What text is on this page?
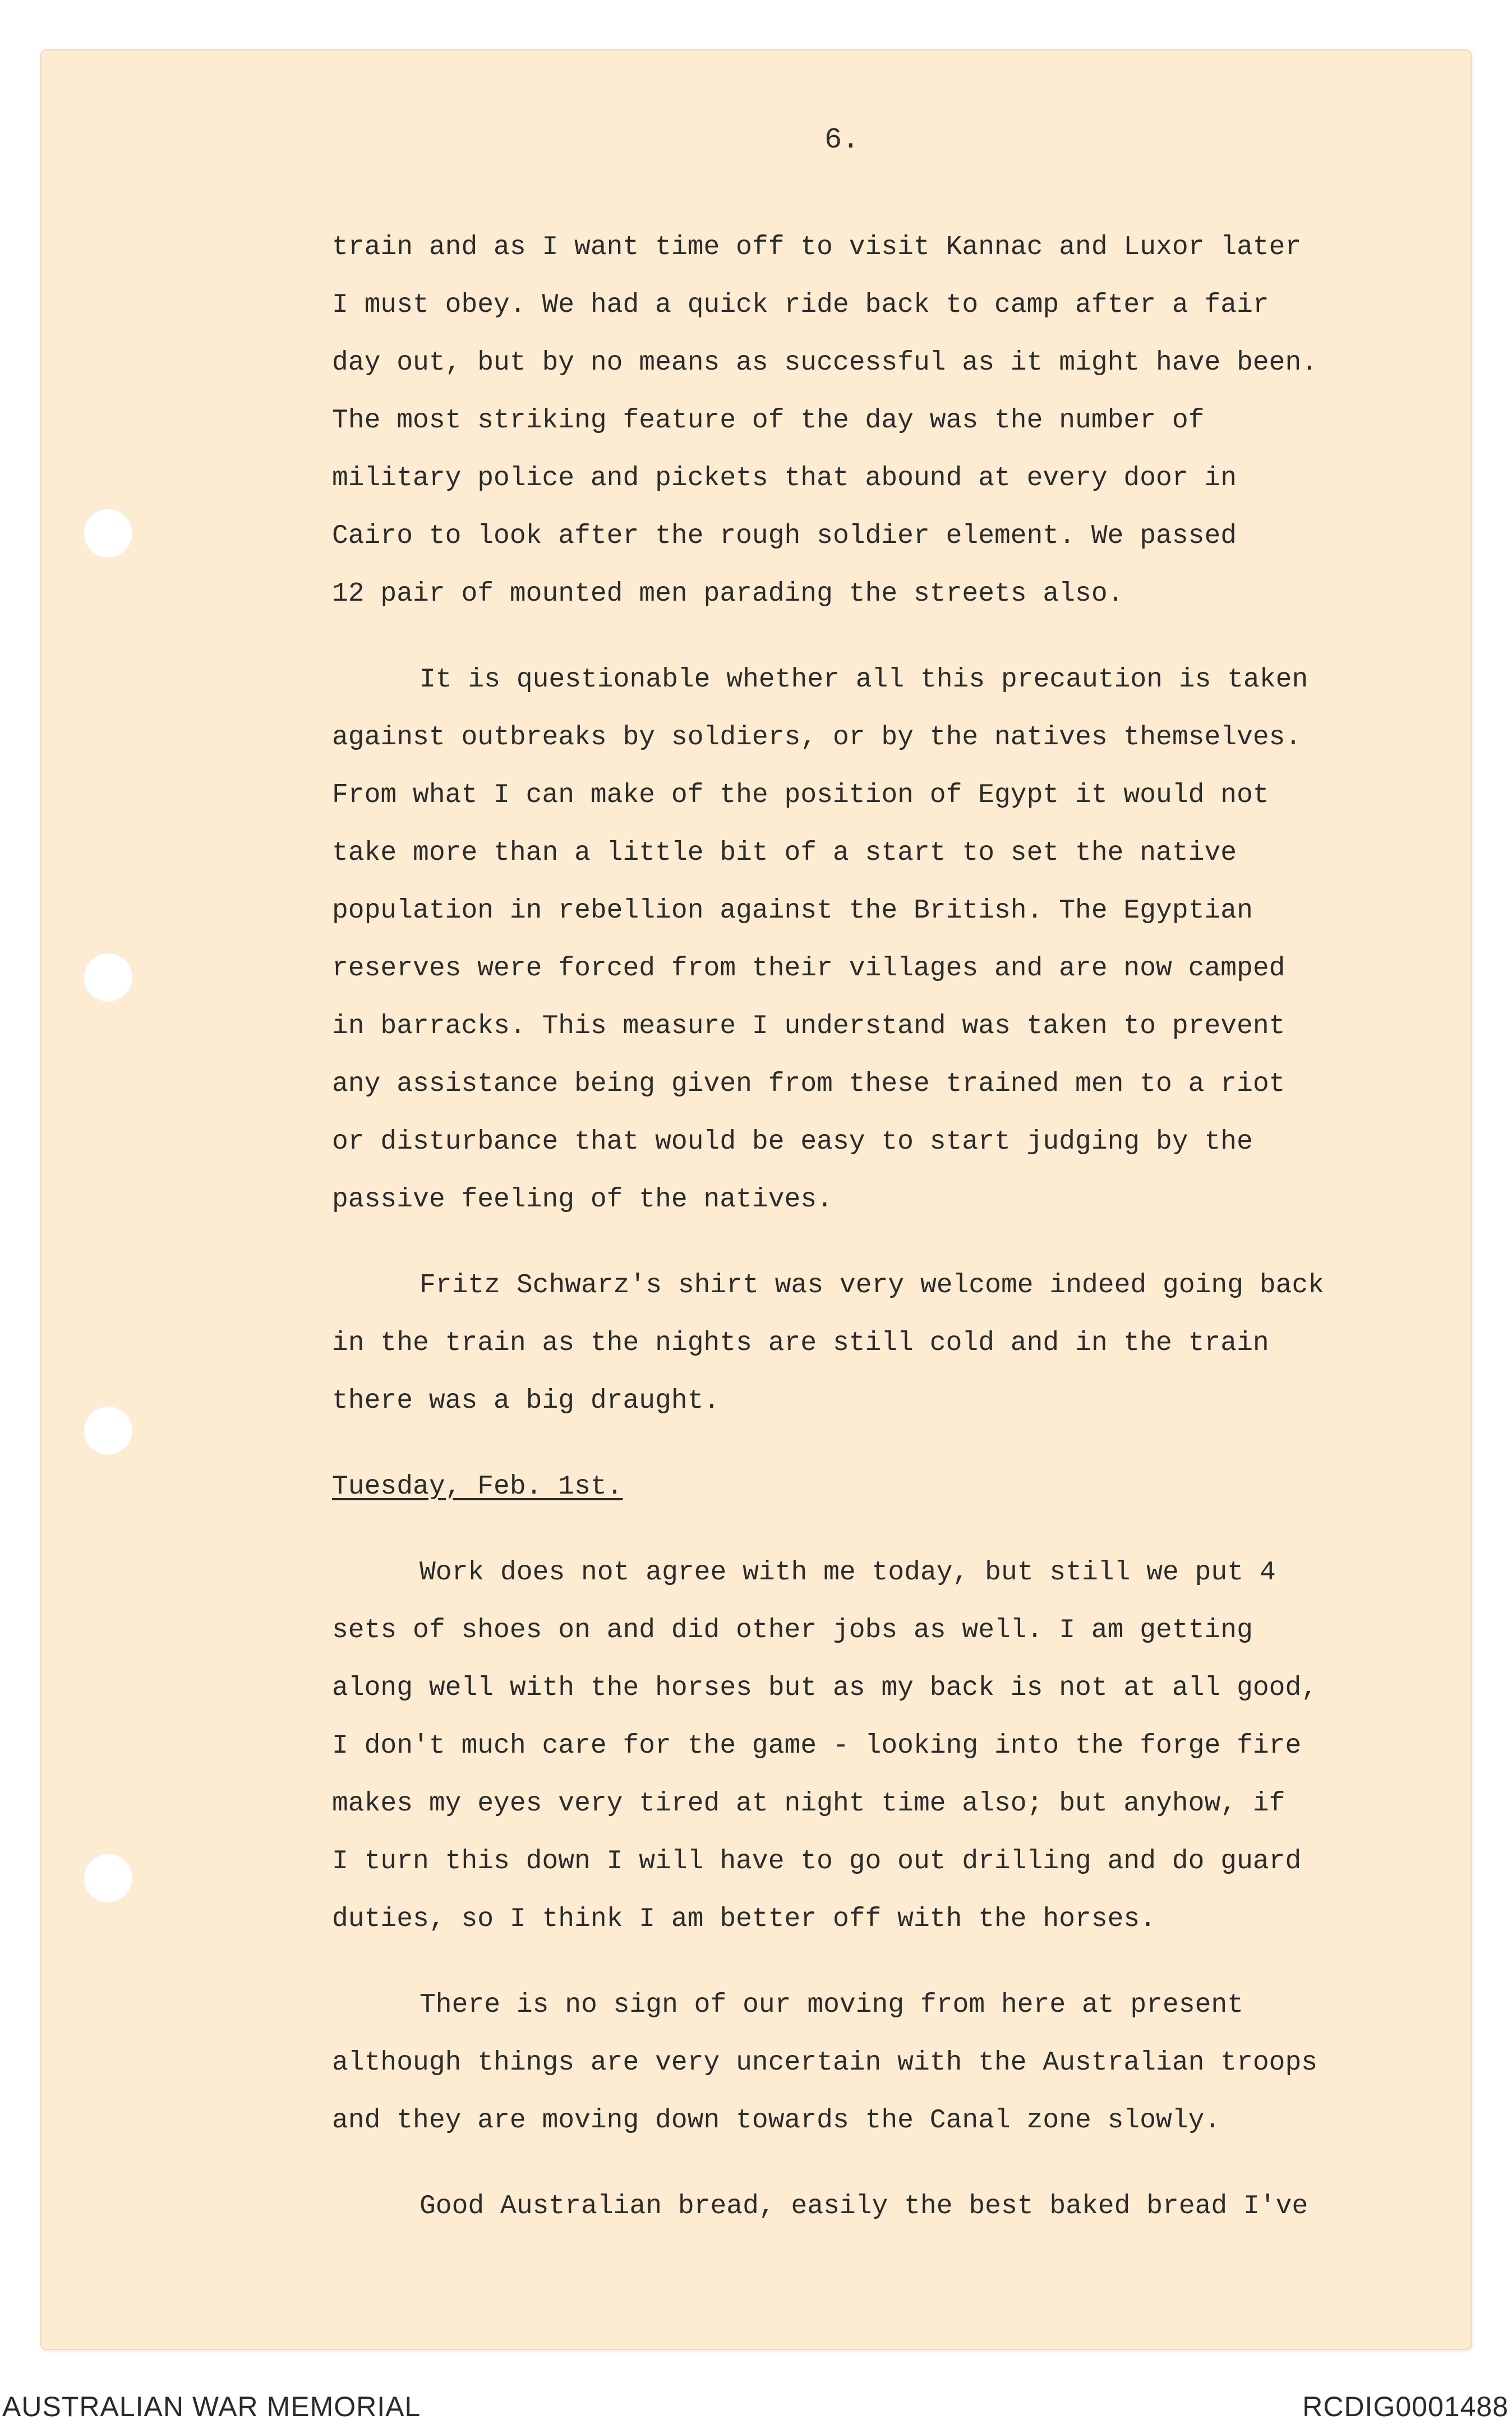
6.

train and as I want time off to visit Kannac and Luxor later
I must obey. We had a quick ride back to camp after a fair
day out, but by no means as successful as it might have been.
The most striking feature of the day was the number of
military police and pickets that abound at every door in
Cairo to look after the rough soldier element. We passed
12 pair of mounted men parading the streets also.

It is questionable whether all this precaution is taken
against outbreaks by soldiers, or by the natives themselves.
From what I can make of the position of Egypt it would not
take more than a little bit of a start to set the native
population in rebellion against the British. The Egyptian
reserves were forced from their villages and are now camped
in barracks. This measure I understand was taken to prevent
any assistance being given from these trained men to a riot
or disturbance that would be easy to start judging by the
passive feeling of the natives.

Fritz Schwarz's shirt was very welcome indeed going back
in the train as the nights are still cold and in the train
there was a big draught.

Tuesday, Feb. 1st.

Work does not agree with me today, but still we put 4
sets of shoes on and did other jobs as well. I am getting
along well with the horses but as my back is not at all good,
I don't much care for the game - looking into the forge fire
makes my eyes very tired at night time also; but anyhow, if
I turn this down I will have to go out drilling and do guard
duties, so I think I am better off with the horses.

There is no sign of our moving from here at present
although things are very uncertain with the Australian troops
and they are moving down towards the Canal zone slowly.

Good Australian bread, easily the best baked bread I've

AUSTRALIAN WAR MEMORIAL	RCDIG0001488
